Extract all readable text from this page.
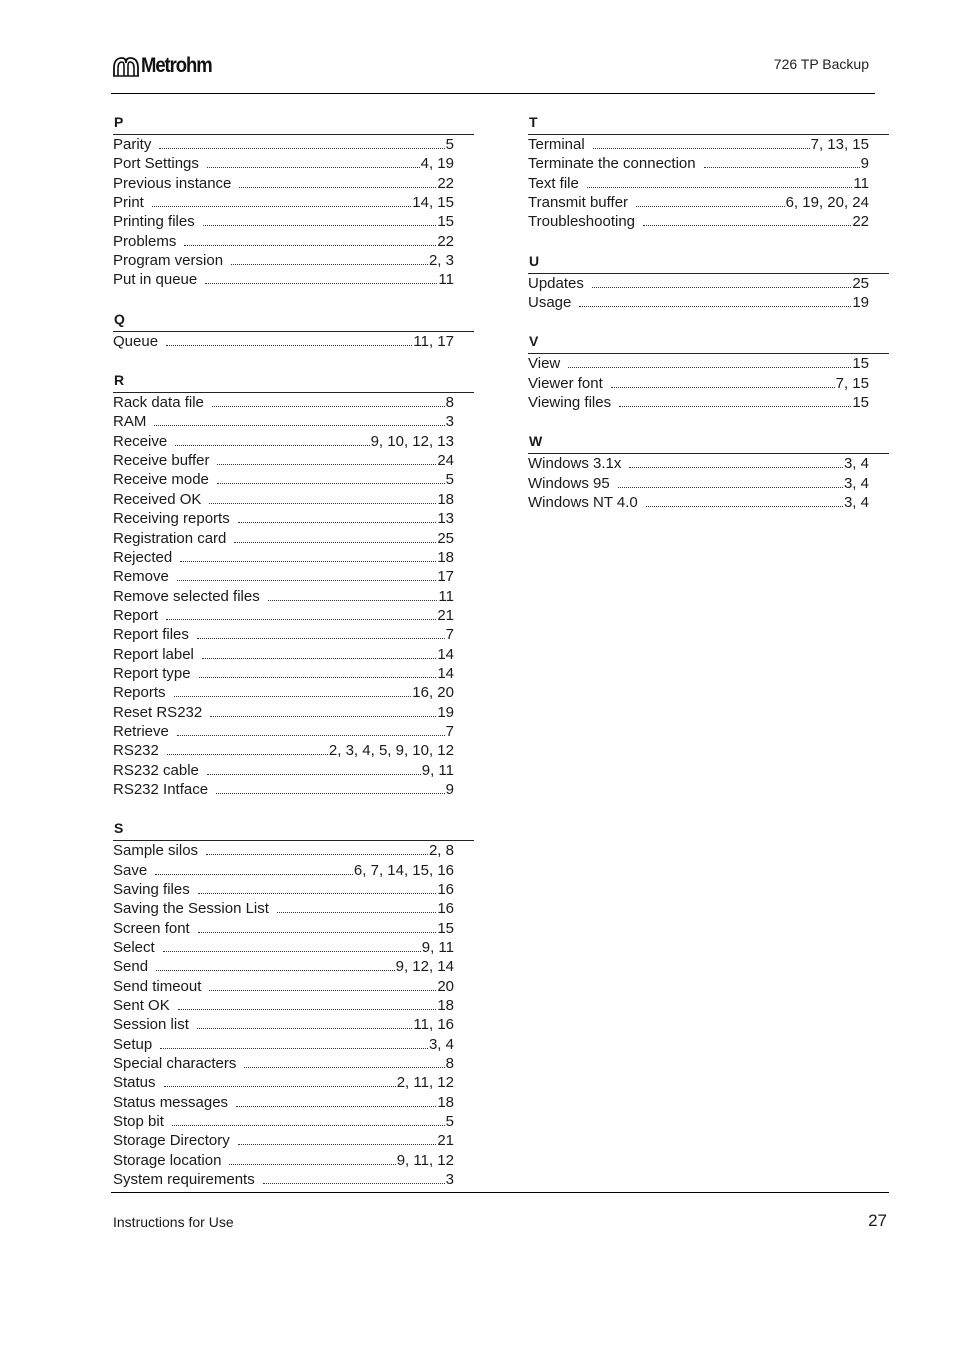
Metrohm	726 TP Backup
P
Parity	5
Port Settings	4, 19
Previous instance	22
Print	14, 15
Printing files	15
Problems	22
Program version	2, 3
Put in queue	11
Q
Queue	11, 17
R
Rack data file	8
RAM	3
Receive	9, 10, 12, 13
Receive buffer	24
Receive mode	5
Received OK	18
Receiving reports	13
Registration card	25
Rejected	18
Remove	17
Remove selected files	11
Report	21
Report files	7
Report label	14
Report type	14
Reports	16, 20
Reset RS232	19
Retrieve	7
RS232	2, 3, 4, 5, 9, 10, 12
RS232 cable	9, 11
RS232 Intface	9
S
Sample silos	2, 8
Save	6, 7, 14, 15, 16
Saving files	16
Saving the Session List	16
Screen font	15
Select	9, 11
Send	9, 12, 14
Send timeout	20
Sent OK	18
Session list	11, 16
Setup	3, 4
Special characters	8
Status	2, 11, 12
Status messages	18
Stop bit	5
Storage Directory	21
Storage location	9, 11, 12
System requirements	3
T
Terminal	7, 13, 15
Terminate the connection	9
Text file	11
Transmit buffer	6, 19, 20, 24
Troubleshooting	22
U
Updates	25
Usage	19
V
View	15
Viewer font	7, 15
Viewing files	15
W
Windows 3.1x	3, 4
Windows 95	3, 4
Windows NT 4.0	3, 4
Instructions for Use	27
